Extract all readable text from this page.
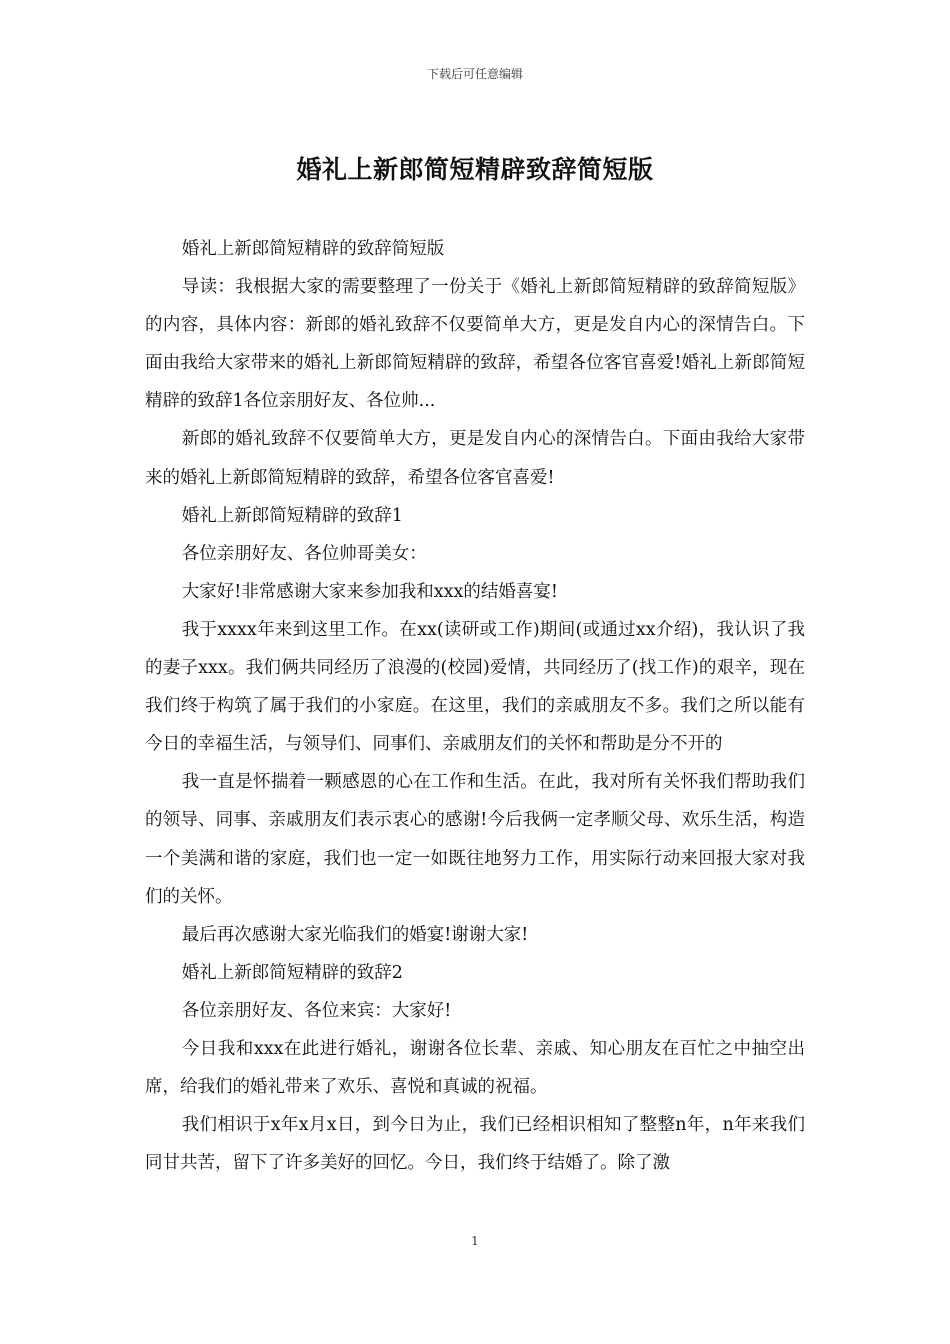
下载后可任意编辑
婚礼上新郎简短精辟致辞简短版

婚礼上新郎简短精辟的致辞简短版

导读：我根据大家的需要整理了一份关于《婚礼上新郎简短精辟的致辞简短版》的内容，具体内容：新郎的婚礼致辞不仅要简单大方，更是发自内心的深情告白。下面由我给大家带来的婚礼上新郎简短精辟的致辞，希望各位客官喜爱!婚礼上新郎简短精辟的致辞1各位亲朋好友、各位帅...

新郎的婚礼致辞不仅要简单大方，更是发自内心的深情告白。下面由我给大家带来的婚礼上新郎简短精辟的致辞，希望各位客官喜爱!

婚礼上新郎简短精辟的致辞1

各位亲朋好友、各位帅哥美女：

大家好!非常感谢大家来参加我和xxx的结婚喜宴!

我于xxxx年来到这里工作。在xx(读研或工作)期间(或通过xx介绍)，我认识了我的妻子xxx。我们俩共同经历了浪漫的(校园)爱情，共同经历了(找工作)的艰辛，现在我们终于构筑了属于我们的小家庭。在这里，我们的亲戚朋友不多。我们之所以能有今日的幸福生活，与领导们、同事们、亲戚朋友们的关怀和帮助是分不开的

我一直是怀揣着一颗感恩的心在工作和生活。在此，我对所有关怀我们帮助我们的领导、同事、亲戚朋友们表示衷心的感谢!今后我俩一定孝顺父母、欢乐生活，构造一个美满和谐的家庭，我们也一定一如既往地努力工作，用实际行动来回报大家对我们的关怀。

最后再次感谢大家光临我们的婚宴!谢谢大家!

婚礼上新郎简短精辟的致辞2

各位亲朋好友、各位来宾：大家好!

今日我和xxx在此进行婚礼，谢谢各位长辈、亲戚、知心朋友在百忙之中抽空出席，给我们的婚礼带来了欢乐、喜悦和真诚的祝福。

我们相识于x年x月x日，到今日为止，我们已经相识相知了整整n年，n年来我们同甘共苦，留下了许多美好的回忆。今日，我们终于结婚了。除了激

1
